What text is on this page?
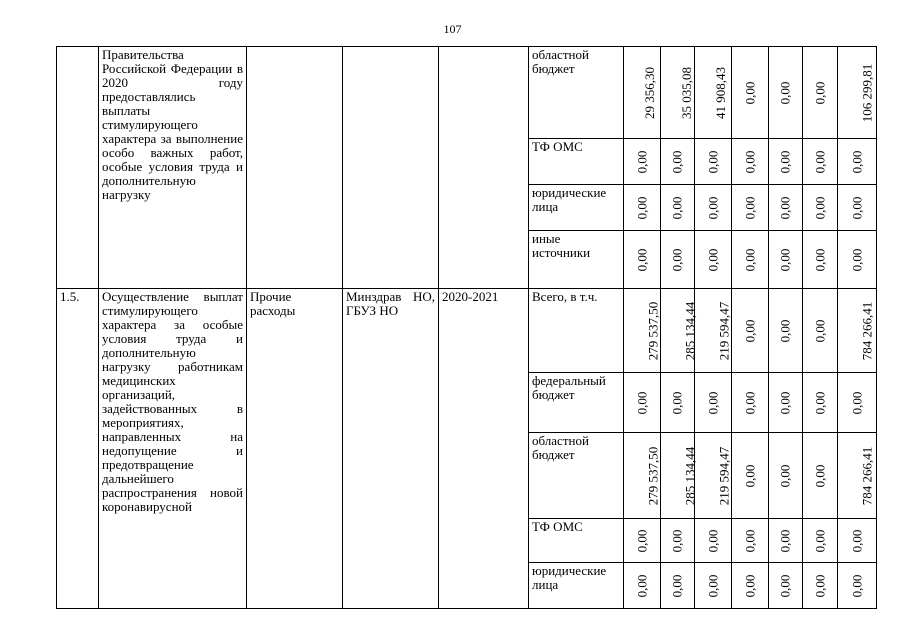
107
	Правительства Российской Федерации в 2020 году предоставлялись выплаты стимулирующего характера за выполнение особо важных работ, особые условия труда и дополнительную нагрузку				областной бюджет	29 356,30	35 035,08	41 908,43	0,00	0,00	0,00	106 299,81
					ТФ ОМС	0,00	0,00	0,00	0,00	0,00	0,00	0,00
					юридические лица	0,00	0,00	0,00	0,00	0,00	0,00	0,00
					иные источники	0,00	0,00	0,00	0,00	0,00	0,00	0,00
1.5.	Осуществление выплат стимулирующего характера за особые условия труда и дополнительную нагрузку работникам медицинских организаций, задействованных в мероприятиях, направленных на недопущение и предотвращение дальнейшего распространения новой коронавирусной	Прочие расходы	Минздрав НО, ГБУЗ НО	2020-2021	Всего, в т.ч.	279 537,50	285 134,44	219 594,47	0,00	0,00	0,00	784 266,41
					федеральный бюджет	0,00	0,00	0,00	0,00	0,00	0,00	0,00
					областной бюджет	279 537,50	285 134,44	219 594,47	0,00	0,00	0,00	784 266,41
					ТФ ОМС	0,00	0,00	0,00	0,00	0,00	0,00	0,00
					юридические лица	0,00	0,00	0,00	0,00	0,00	0,00	0,00
